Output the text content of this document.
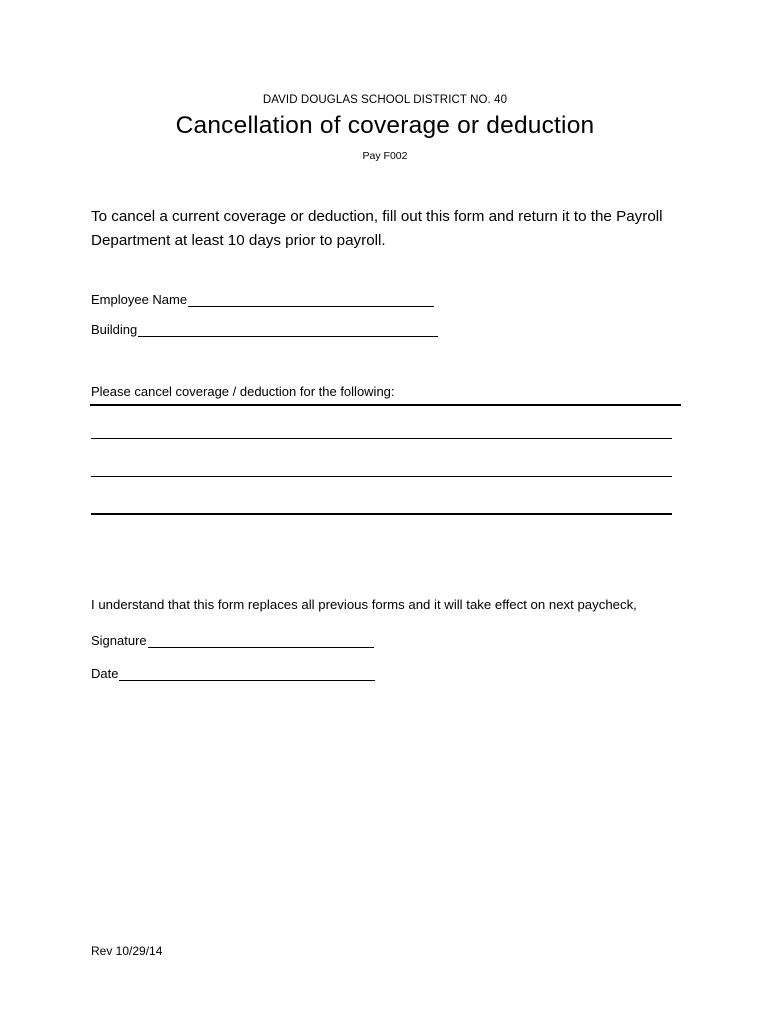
DAVID DOUGLAS SCHOOL DISTRICT NO. 40
Cancellation of coverage or deduction
Pay F002
To cancel a current coverage or deduction, fill out this form and return it to the Payroll Department at least 10 days prior to payroll.
Employee Name
Building
Please cancel coverage / deduction for the following:
I understand that this form replaces all previous forms and it will take effect on next paycheck,
Signature
Date
Rev 10/29/14
